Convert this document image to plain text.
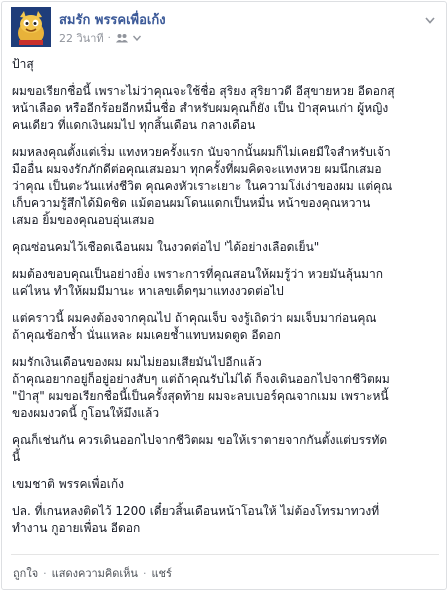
สมรัก พรรคเพื่อเก้ง
22 วินาที ·

ป้าสุ

ผมขอเรียกชื่อนี้ เพราะไม่ว่าคุณจะใช้ชื่อ สุริยง สุริยาวดี อีสุขายหวย อีดอกสุ
หน้าเลือด หรืออีกร้อยอีกหมื่นชื่อ สำหรับผมคุณก็ยัง เป็น ป้าสุคนเก่า ผู้หญิง
คนเดียว ที่แดกเงินผมไป ทุกสิ้นเดือน กลางเดือน

ผมหลงคุณตั้งแต่เริ่ม แทงหวยครั้งแรก นับจากนั้นผมก็ไม่เคยมีใจสำหรับเจ้า
มืออื่น ผมจงรักภักดีต่อคุณเสมอมา ทุกครั้งที่ผมคิดจะแทงหวย ผมนึกเสมอ
ว่าคุณ เป็นตะวันแห่งชีวิต คุณคงหัวเราะเยาะ ในความโง่เง่าของผม แต่คุณ
เก็บความรู้สึกได้มิดชิด แม้ตอนผมโดนแดกเป็นหมื่น หน้าของคุณหวาน
เสมอ ยิ้มของคุณอบอุ่นเสมอ

คุณซ่อนคมไว้เชือดเฉือนผม ในงวดต่อไป 'ได้อย่างเลือดเย็น"

ผมต้องขอบคุณเป็นอย่างยิ่ง เพราะการที่คุณสอนให้ผมรู้ว่า หวยมันลุ้นมาก
แค่ไหน ทำให้ผมมีมานะ หาเลขเด็ดๆมาแทงงวดต่อไป

แต่คราวนี้ ผมคงต้องจากคุณไป ถ้าคุณเจ็บ จงรู้เถิดว่า ผมเจ็บมาก่อนคุณ
ถ้าคุณช้อกช้ำ นั่นแหละ ผมเคยช้ำแทบหมดตูด อีดอก

ผมรักเงินเดือนของผม ผมไม่ยอมเสียมันไปอีกแล้ว
ถ้าคุณอยากอยู่ก็อยู่อย่างสับๆ แต่ถ้าคุณรับไม่ได้ ก็จงเดินออกไปจากชีวิตผม
"ป้าสุ" ผมขอเรียกชื่อนี้เป็นครั้งสุดท้าย ผมจะลบเบอร์คุณจากเมม เพราะหนี้
ของผมงวดนี้ กูโอนให้มึงแล้ว

คุณก็เช่นกัน ควรเดินออกไปจากชีวิตผม ขอให้เราตายจากกันตั้งแต่บรรทัด
นี้

เขมชาติ พรรคเพื่อเก้ง

ปล. ที่เกนหลงติดไว้ 1200 เดี๋ยวสิ้นเดือนหน้าโอนให้ ไม่ต้องโทรมาทวงที่
ทำงาน กูอายเพื่อน อีดอก

ถูกใจ · แสดงความคิดเห็น · แชร์
